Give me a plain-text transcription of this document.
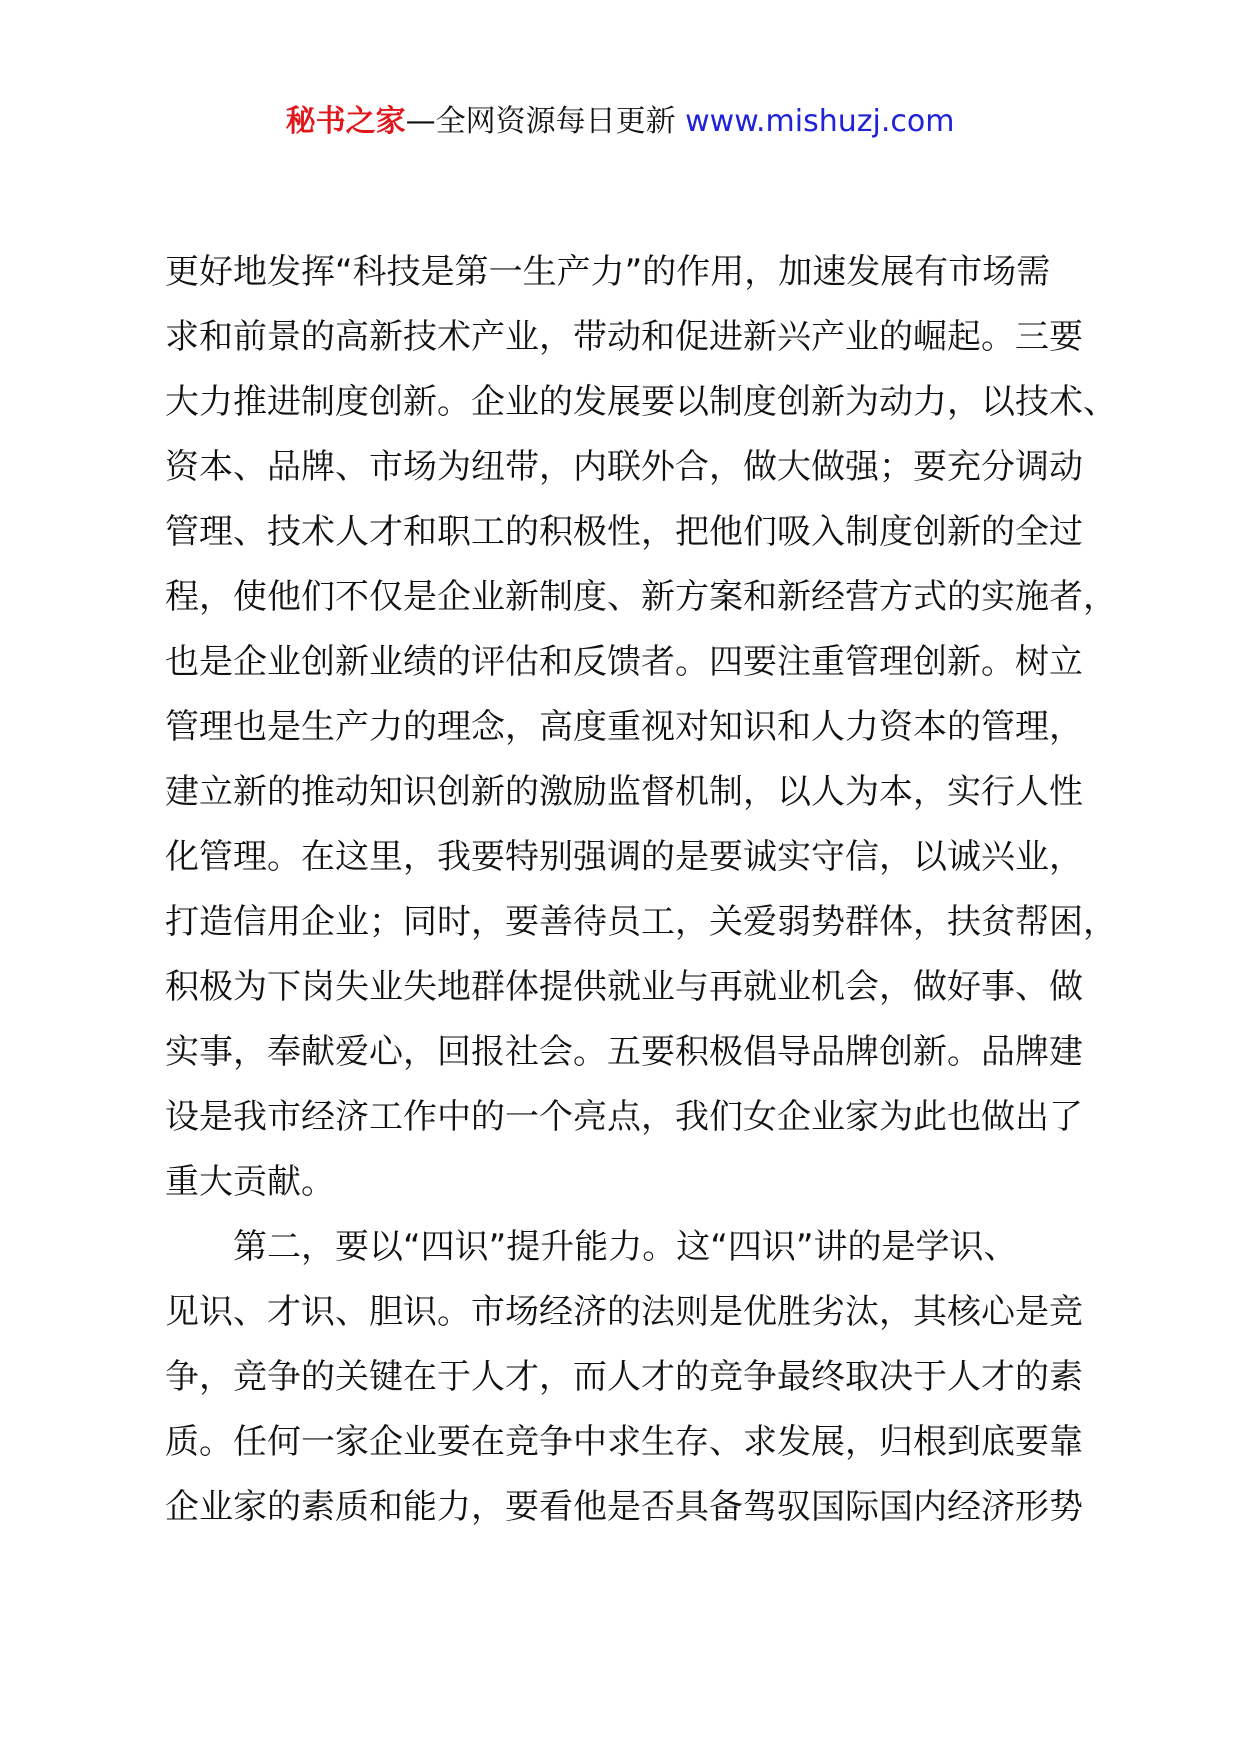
秘书之家—全网资源每日更新 www.mishuzj.com
更好地发挥“科技是第一生产力”的作用，加速发展有市场需
求和前景的高新技术产业，带动和促进新兴产业的崛起。三要
大力推进制度创新。企业的发展要以制度创新为动力，以技术、
资本、品牌、市场为纽带，内联外合，做大做强；要充分调动
管理、技术人才和职工的积极性，把他们吸入制度创新的全过
程，使他们不仅是企业新制度、新方案和新经营方式的实施者，
也是企业创新业绩的评估和反馈者。四要注重管理创新。树立
管理也是生产力的理念，高度重视对知识和人力资本的管理，
建立新的推动知识创新的激励监督机制，以人为本，实行人性
化管理。在这里，我要特别强调的是要诚实守信，以诚兴业，
打造信用企业；同时，要善待员工，关爱弱势群体，扶贫帮困，
积极为下岗失业失地群体提供就业与再就业机会，做好事、做
实事，奉献爱心，回报社会。五要积极倡导品牌创新。品牌建
设是我市经济工作中的一个亮点，我们女企业家为此也做出了
重大贡献。
　　第二，要以“四识”提升能力。这“四识”讲的是学识、
见识、才识、胆识。市场经济的法则是优胜劣汰，其核心是竞
争，竞争的关键在于人才，而人才的竞争最终取决于人才的素
质。任何一家企业要在竞争中求生存、求发展，归根到底要靠
企业家的素质和能力，要看他是否具备驾驭国际国内经济形势
